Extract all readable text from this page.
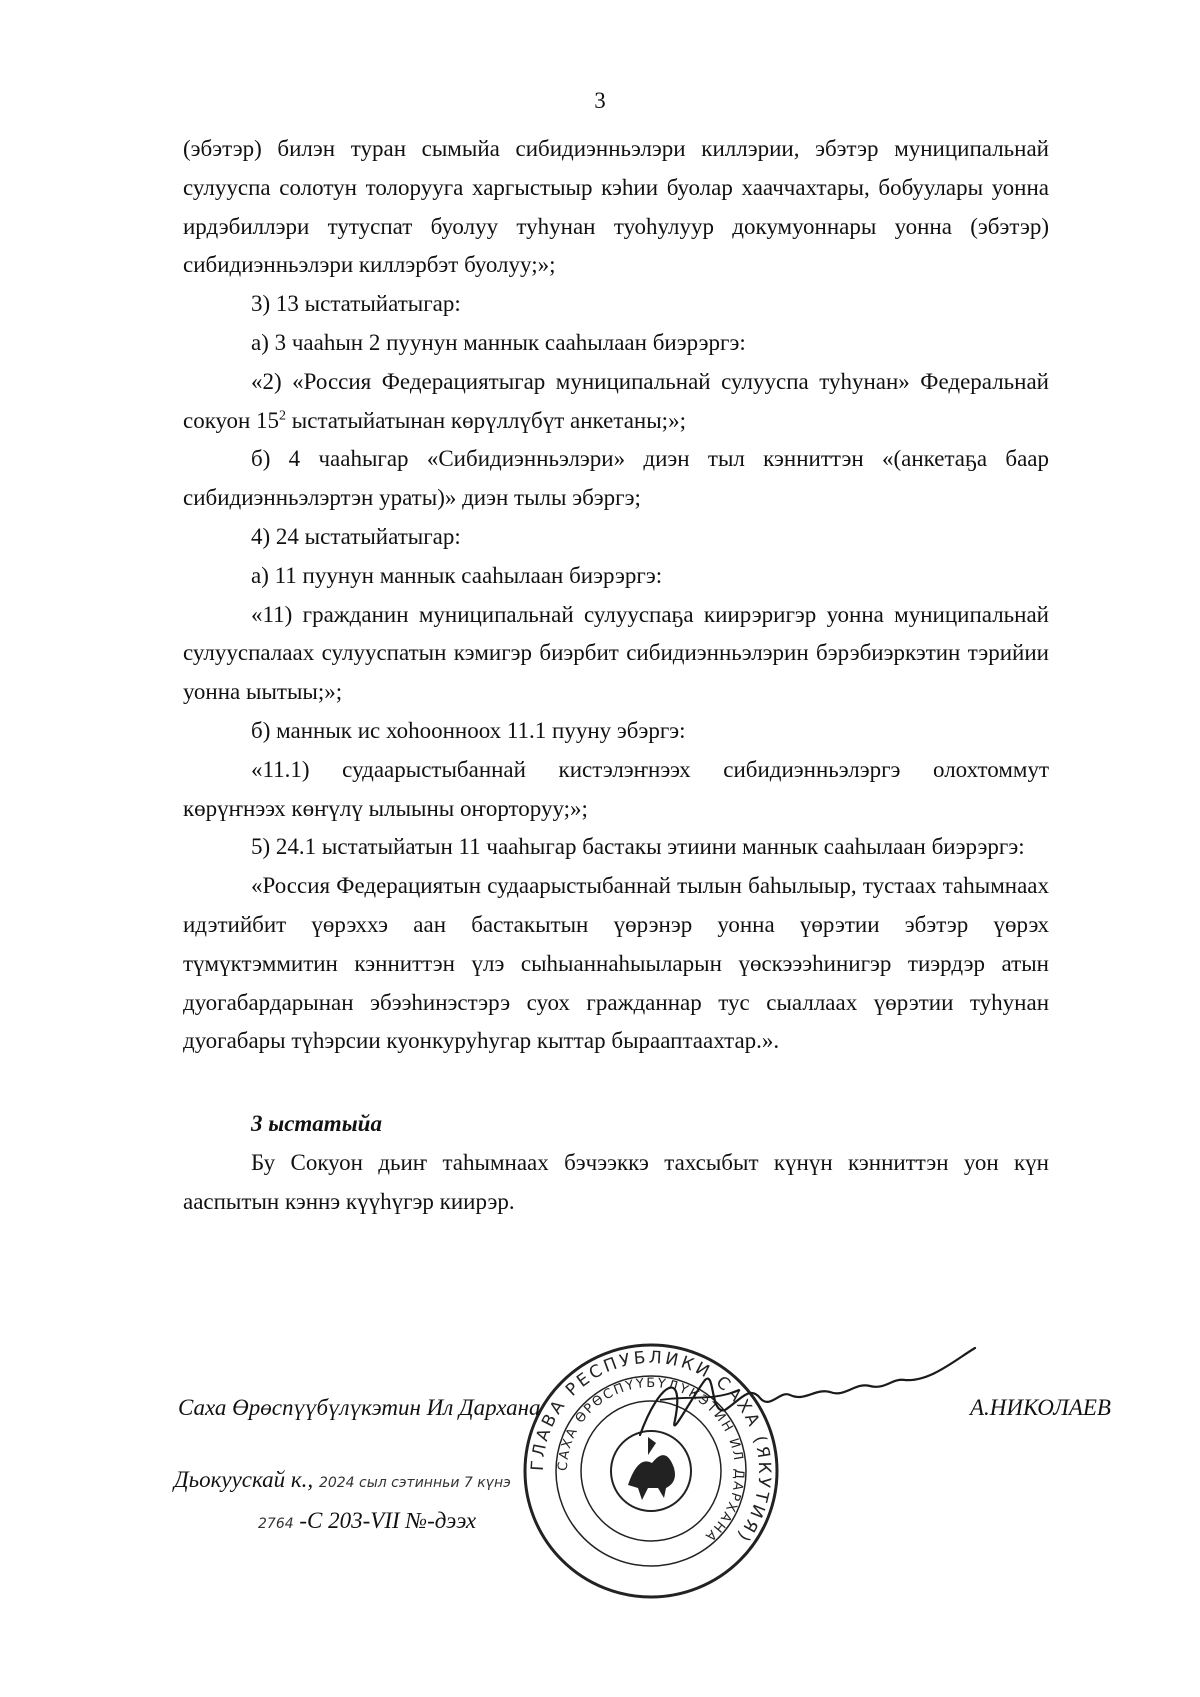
3

(эбэтэр) билэн туран сымыйа сибидиэнньэлэри киллэрии, эбэтэр муниципальнай сулууспа солотун толорууга харгыстыыр кэһии буолар хааччахтары, бобуулары уонна ирдэбиллэри тутуспат буолуу туһунан туоһулуур докумуоннары уонна (эбэтэр) сибидиэнньэлэри киллэрбэт буолуу;»;

3) 13 ыстатыйатыгар:

а) 3 чааһын 2 пуунун маннык сааһылаан биэрэргэ:

«2) «Россия Федерациятыгар муниципальнай сулууспа туһунан» Федеральнай сокуон $15^2$ ыстатыйатынан көрүллүбүт анкетаны;»;

б) 4 чааһыгар «Сибидиэнньэлэри» диэн тыл кэнниттэн «(анкетаҕа баар сибидиэнньэлэртэн ураты)» диэн тылы эбэргэ;

4) 24 ыстатыйатыгар:

а) 11 пуунун маннык сааһылаан биэрэргэ:

«11) гражданин муниципальнай сулууспаҕа киирэригэр уонна муниципальнай сулууспалаах сулууспатын кэмигэр биэрбит сибидиэнньэлэрин бэрэбиэркэтин тэрийии уонна ыытыы;»;

б) маннык ис хоһоонноох 11.1 пууну эбэргэ:

«11.1) судаарыстыбаннай кистэлэҥнээх сибидиэнньэлэргэ олохтоммут көрүҥнээх көҥүлү ылыыны оҥорторуу;»;

5) 24.1 ыстатыйатын 11 чааһыгар бастакы этиини маннык сааһылаан биэрэргэ:

«Россия Федерациятын судаарыстыбаннай тылын баһылыыр, тустаах таһымнаах идэтийбит үөрэххэ аан бастакытын үөрэнэр уонна үөрэтии эбэтэр үөрэх түмүктэммитин кэнниттэн үлэ сыһыаннаһыыларын үөскэээһинигэр тиэрдэр атын дуогабардарынан эбээһинэстэрэ суох гражданнар тус сыаллаах үөрэтии туһунан дуогабары түһэрсии куонкуруһугар кыттар бырааптаахтар.».

3 ыстатыйа

Бу Сокуон дьиҥ таһымнаах бэчээккэ тахсыбыт күнүн кэнниттэн уон күн ааспытын кэннэ күүһүгэр киирэр.

ГЛАВА РЕСПУБЛИКИ САХА (ЯКУТИЯ)
САХА ӨРӨСПҮҮБҮЛҮКЭТИН ИЛ ДАРХАНА
Саха Өрөспүүбүлүкэтин Ил Дархана	А.НИКОЛАЕВ
Дьокуускай к., 2024 сыл сэтинньи 7 күнэ
2764 -С 203-VII №-дээх
